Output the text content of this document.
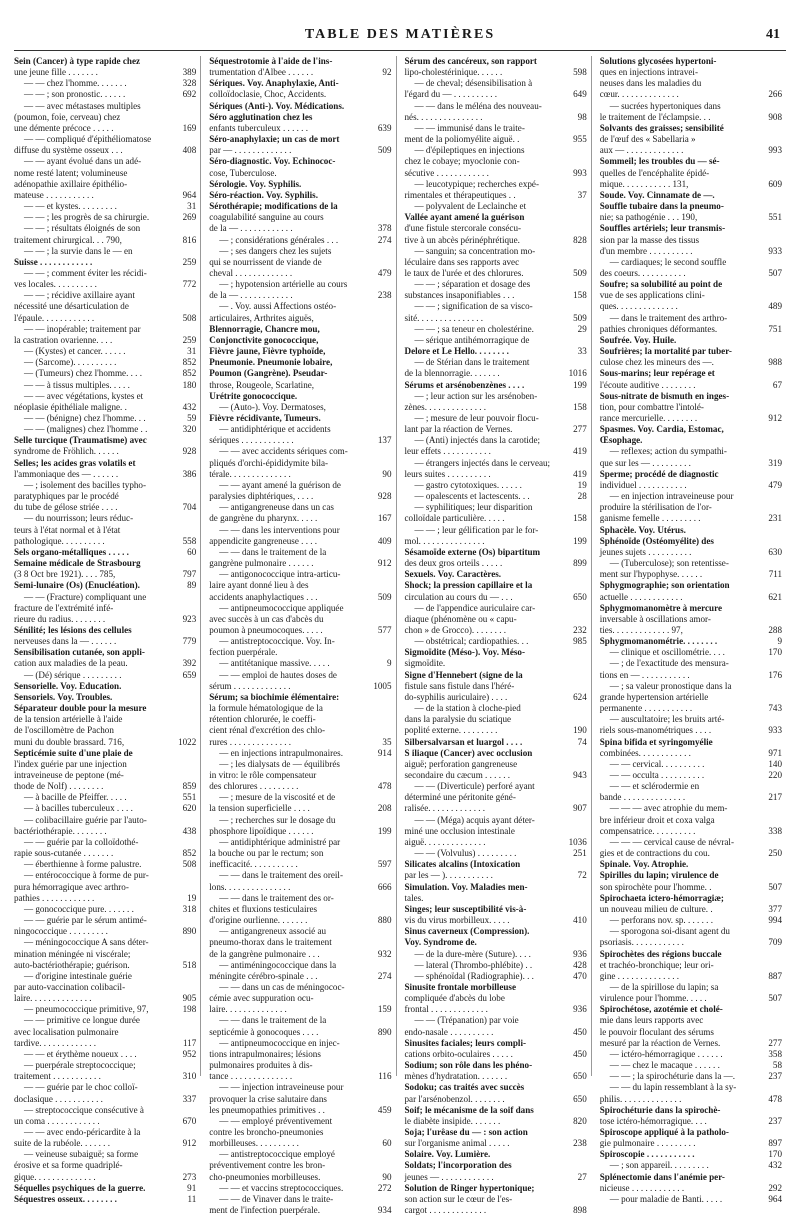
TABLE DES MATIÈRES	41
Sein (Cancer) à type rapide chez
une jeune fille . . . . . . .	389
— — chez l'homme. . . . . . .	328
— — ; son pronostic. . . . . .	692
— — avec métastases multiples
(poumon, foie, cerveau) chez
une démente précoce . . . . .	169
— — compliqué d'épithéliomatose
diffuse du système osseux . . .	408
— — ayant évolué dans un adé-
nome resté latent; volumineuse
adénopathie axillaire épithélio-
mateuse . . . . . . . . . . .	964
— — et kystes. . . . . . . . .	31
— — ; les progrès de sa chirurgie.	269
— — ; résultats éloignés de son
traitement chirurgical. . . 790,	816
— — ; la survie dans le — en
Suisse . . . . . . . . . . . .	259
— — ; comment éviter les récidi-
ves locales. . . . . . . . . .	772
— — ; récidive axillaire ayant
nécessité une désarticulation de
l'épaule. . . . . . . . . . . .	508
— — inopérable; traitement par
la castration ovarienne. . . .	259
— (Kystes) et cancer. . . . . .	31
— (Sarcome). . . . . . . . . .	852
— (Tumeurs) chez l'homme. . . .	852
— — à tissus multiples. . . . .	180
— — avec végétations, kystes et
néoplasie épithéliale maligne. .	432
— — (bénigne) chez l'homme. . .	59
— — (malignes) chez l'homme . .	320
Selle turcique (Traumatisme) avec
syndrome de Fröhlich. . . . . .	928
Selles; les acides gras volatils et
l'ammoniaque des — . . . . . .	386
— ; isolement des bacilles typho-
paratyphiques par le procédé
du tube de gélose striée . . . .	704
— du nourrisson; leurs réduc-
teurs à l'état normal et à l'état
pathologique. . . . . . . . . .	558
Sels organo-métalliques . . . . .	60
Semaine médicale de Strasbourg
(3 8 Oct bre 1921). . . . 785,	797
Semi-lunaire (Os) (Enucléation).	89
— — (Fracture) compliquant une
fracture de l'extrémité infé-
rieure du radius. . . . . . . .	923
Sénilité; les lésions des cellules
nerveuses dans la — . . . . . .	779
Sensibilisation cutanée, son appli-
cation aux maladies de la peau.	392
— (Dé) sérique . . . . . . . . .	659
Sensorielle. Voy. Education.
Sensoriels. Voy. Troubles.
Séparateur double pour la mesure
de la tension artérielle à l'aide
de l'oscillomètre de Pachon
muni du double brassard. 716,	1022
Septicémie suite d'une plaie de
l'index guérie par une injection
intraveineuse de peptone (mé-
thode de Nolf) . . . . . . . .	859
— à bacille de Pfeiffer. . . . .	551
— à bacilles tuberculeux . . . .	620
— colibacillaire guérie par l'auto-
bactériothérapie. . . . . . . .	438
— — guérie par la colloïdothé-
rapie sous-cutanée . . . . . . .	852
— éberthienne à forme palustre.	508
— entérococcique à forme de pur-
pura hémorragique avec arthro-
pathies . . . . . . . . . . . .	19
— gonococcique pure. . . . . . .	318
— — guérie par le sérum antimé-
ningococcique . . . . . . . . .	890
— méningococcique A sans déter-
mination méningée ni viscérale;
auto-bactériothérapie; guérison.	518
— d'origine intestinale guérie
par auto-vaccination colibacil-
laire. . . . . . . . . . . . . .	905
— pneumococcique primitive, 97,	198
— — primitive ce longue durée
avec localisation pulmonaire
tardive. . . . . . . . . . . . .	117
— — et érythème noueux . . . .	952
— puerpérale streptococcique;
traitement . . . . . . . . . . .	310
— — guérie par le choc colloï-
doclasique . . . . . . . . . . .	337
— streptococcique consécutive à
un coma . . . . . . . . . . . .	670
— — avec endo-péricardite à la
suite de la rubéole. . . . . . .	912
— veineuse subaiguë; sa forme
érosive et sa forme quadriplé-
gique. . . . . . . . . . . . . .	273
Séquelles psychiques de la guerre.	91
Séquestres osseux. . . . . . . .	11
Séquestrotomie à l'aide de l'ins-
trumentation d'Albee . . . . . .	92
Sériques. Voy. Anaphylaxie, Anti-
colloïdoclasie, Choc, Accidents.
Sériques (Anti-). Voy. Médications.
Séro agglutination chez les
enfants tuberculeux . . . . . .	639
Séro-anaphylaxie; un cas de mort
par — . . . . . . . . . . . . .	509
Séro-diagnostic. Voy. Echinococ-
cose, Tuberculose.
Sérologie. Voy. Syphilis.
Séro-réaction. Voy. Syphilis.
Sérothérapie; modifications de la
coagulabilité sanguine au cours
de la — . . . . . . . . . . . .	378
— ; considérations générales . . .	274
— ; ses dangers chez les sujets
qui se nourrissent de viande de
cheval . . . . . . . . . . . . .	479
— ; hypotension artérielle au cours
de la — . . . . . . . . . . . .	238
— . Voy. aussi Affections ostéo-
articulaires, Arthrites aiguës,
Blennorragie, Chancre mou,
Conjonctivite gonococcique,
Fièvre jaune, Fièvre typhoïde,
Pneumonie. Pneumonie lobaire,
Poumon (Gangrène). Pseudar-
throse, Rougeole, Scarlatine,
Urétrite gonococcique.
— (Auto-). Voy. Dermatoses,
Fièvre récidivante, Tumeurs.
— antidiphtérique et accidents
sériques . . . . . . . . . . . .	137
— — avec accidents sériques com-
pliqués d'orchi-épididymite bila-
térale. . . . . . . . . . . . . .	90
— — ayant amené la guérison de
paralysies diphtériques, . . . .	928
— antigangreneuse dans un cas
de gangrène du pharynx. . . . .	167
— — dans les interventions pour
appendicite gangreneuse . . . .	409
— — dans le traitement de la
gangrène pulmonaire . . . . . .	912
— antigonococcique intra-articu-
laire ayant donné lieu à des
accidents anaphylactiques . . .	509
— antipneumococcique appliquée
avec succès à un cas d'abcès du
poumon à pneumocoques. . . . .	577
— antistreptococcique. Voy. In-
fection puerpérale.
— antitétanique massive. . . . .	9
— — emploi de hautes doses de
sérum . . . . . . . . . . . . .	1005
Sérum; sa biochimie élémentaire:
la formule hématologique de la
rétention chlorurée, le coeffi-
cient rénal d'excrétion des chlo-
rures . . . . . . . . . . . . . .	35
— en injections intrapulmonaires.	914
— ; les dialysats de — équilibrés
in vitro: le rôle compensateur
des chlorures . . . . . . . . .	478
— ; mesure de la viscosité et de
la tension superficielle . . . .	208
— ; recherches sur le dosage du
phosphore lipoïdique . . . . . .	199
— antidiphtérique administré par
la bouche ou par le rectum; son
inefficacité. . . . . . . . . . .	597
— — dans le traitement des oreil-
lons. . . . . . . . . . . . . . .	666
— — dans le traitement des or-
chites et fluxions testiculaires
d'origine ourlienne. . . . . . .	880
— antigangreneux associé au
pneumo-thorax dans le traitement
de la gangrène pulmonaire . . .	932
— antiméningococcique dans la
méningite cérébro-spinale . . .	274
— — dans un cas de méningococ-
cémie avec suppuration ocu-
laire. . . . . . . . . . . . . .	159
— — dans le traitement de la
septicémie à gonocoques . . . .	890
— antipneumococcique en injec-
tions intrapulmonaires; lésions
pulmonaires produites à dis-
tance . . . . . . . . . . . . . .	116
— — injection intraveineuse pour
provoquer la crise salutaire dans
les pneumopathies primitives . .	459
— — employé préventivement
contre les broncho-pneumonies
morbilleuses. . . . . . . . . .	60
— antistreptococcique employé
préventivement contre les bron-
cho-pneumonies morbilleuses.	90
— — et vaccins streptococciques.	272
— — de Vinaver dans le traite-
ment de l'infection puerpérale.	934
Sérum des cancéreux, son rapport
lipo-cholestérinique. . . . . .	598
— de cheval; désensibilisation à
l'égard du — . . . . . . . . . .	649
— — dans le méléna des nouveau-
nés. . . . . . . . . . . . . . .	98
— — immunisé dans le traite-
ment de la poliomyélite aiguë. .	955
— d'épileptiques en injections
chez le cobaye; myoclonie con-
sécutive . . . . . . . . . . . .	993
— leucotypique; recherches expé-
rimentales et thérapeutiques . .	37
— polyvalent de Leclainche et
Vallée ayant amené la guérison
d'une fistule stercorale consécu-
tive à un abcès périnéphrétique.	828
— sanguin; sa concentration mo-
léculaire dans ses rapports avec
le taux de l'urée et des chlorures.	509
— — ; séparation et dosage des
substances insaponifiables . . .	158
— — ; signification de sa visco-
sité. . . . . . . . . . . . . . .	509
— — ; sa teneur en cholestérine.	29
— sérique antihémorragique de
Delore et Le Hello. . . . . . . .	33
— de Stérian dans le traitement
de la blennorragie. . . . . . .	1016
Sérums et arsénobenzènes . . . .	199
— ; leur action sur les arsénoben-
zènes. . . . . . . . . . . . . .	158
— ; mesure de leur pouvoir flocu-
lant par la réaction de Vernes.	277
— (Anti) injectés dans la carotide;
leur effets . . . . . . . . . . .	419
— étrangers injectés dans le cerveau;
leurs suites . . . . . . . . . .	419
— gastro cytotoxiques. . . . . .	19
— opalescents et lactescents. . .	28
— syphilitiques; leur disparition
colloïdale particulière. . . . .	158
— — ; leur gélification par le for-
mol. . . . . . . . . . . . . . .	199
Sésamoïde externe (Os) bipartitum
des deux gros orteils . . . . .	899
Sexuels. Voy. Caractères.
Shock; la pression capillaire et la
circulation au cours du — . . .	650
— de l'appendice auriculaire car-
diaque (phénomène ou « capu-
chon » de Grocco). . . . . . . .	232
— obstétrical; cardiopathies. . .	985
Sigmoïdite (Méso-). Voy. Méso-
sigmoïdite.
Signe d'Hennebert (signe de la
fistule sans fistule dans l'héré-
do-syphilis auriculaire) . . . .	624
— de la station à cloche-pied
dans la paralysie du sciatique
poplité externe. . . . . . . . .	190
Silbersalvarsan et luargol . . . .	74
S iliaque (Cancer) avec occlusion
aiguë; perforation gangreneuse
secondaire du cæcum . . . . . .	943
— — (Diverticule) perforé ayant
déterminé une péritonite géné-
ralisée. . . . . . . . . . . . .	907
— — (Méga) acquis ayant déter-
miné une occlusion intestinale
aiguë. . . . . . . . . . . . . .	1036
— — (Volvulus) . . . . . . . . .	251
Silicates alcalins (Intoxication
par les — ). . . . . . . . . . .	72
Simulation. Voy. Maladies men-
tales.
Singes; leur susceptibilité vis-à-
vis du virus morbilleux. . . . .	410
Sinus caverneux (Compression).
Voy. Syndrome de.
— de la dure-mère (Suture). . . .	936
— lateral (Thrombo-phlébite) . .	428
— sphénoïdal (Radiographie). . .	470
Sinusite frontale morbilleuse
compliquée d'abcès du lobe
frontal . . . . . . . . . . . . .	936
— — (Trépanation) par voie
endo-nasale . . . . . . . . . .	450
Sinusites faciales; leurs compli-
cations orbito-oculaires . . . . .	450
Sodium; son rôle dans les phéno-
mènes d'hydratation. . . . . . .	650
Sodoku; cas traités avec succès
par l'arsénobenzol. . . . . . . .	650
Soif; le mécanisme de la soif dans
le diabète insipide. . . . . . .	820
Soja; l'urêase du — : son action
sur l'organisme animal . . . . .	238
Solaire. Voy. Lumière.
Soldats; l'incorporation des
jeunes — . . . . . . . . . . . .	27
Solution de Ringer hypertonique;
son action sur le cœur de l'es-
cargot . . . . . . . . . . . . .	898
Solutions glycosées hypertoni-
ques en injections intravei-
neuses dans les maladies du
cœur. . . . . . . . . . . . . .	266
— sucrées hypertoniques dans
le traitement de l'éclampsie. . .	908
Solvants des graisses; sensibilité
de l'œuf des « Sabellaria »
aux — . . . . . . . . . . . . .	993
Sommeil; les troubles du — sé-
quelles de l'encéphalite épidé-
mique. . . . . . . . . . . 131,	609
Soude. Voy. Cinnamate de —.
Souffle tubaire dans la pneumo-
nie; sa pathogénie . . . 190,	551
Souffles artériels; leur transmis-
sion par la masse des tissus
d'un membre . . . . . . . . . .	933
— cardiaques; le second souffle
des coeurs. . . . . . . . . . .	507
Soufre; sa solubilité au point de
vue de ses applications clini-
ques. . . . . . . . . . . . . .	489
— dans le traitement des arthro-
pathies chroniques déformantes.	751
Soufrée. Voy. Huile.
Soufrières; la mortalité par tuber-
culose chez les mineurs des —.	988
Sous-marins; leur repérage et
l'écoute auditive . . . . . . . .	67
Sous-nitrate de bismuth en inges-
tion, pour combattre l'intolé-
rance mercurielle. . . . . . . .	912
Spasmes. Voy. Cardia, Estomac,
Œsophage.
— reflexes; action du sympathi-
que sur les — . . . . . . . . .	319
Sperme; procédé de diagnostic
individuel . . . . . . . . . . .	479
— en injection intraveineuse pour
produire la stérilisation de l'or-
ganisme femelle . . . . . . . . .	231
Sphacèle. Voy. Utérus.
Sphénoïde (Ostéomyélite) des
jeunes sujets . . . . . . . . . .	630
— (Tuberculose); son retentisse-
ment sur l'hypophyse. . . . . .	711
Sphygmographie; son orientation
actuelle . . . . . . . . . . . .	621
Sphygmomanomètre à mercure
inversable à oscillations amor-
ties. . . . . . . . . . . . . 97,	288
Sphygmomanométrie. . . . . . . .	9
— clinique et oscillométrie. . . .	170
— ; de l'exactitude des mensura-
tions en — . . . . . . . . . . .	176
— ; sa valeur pronostique dans la
grande hypertension artérielle
permanente . . . . . . . . . . .	743
— auscultatoire; les bruits arté-
riels sous-manométriques . . . .	933
Spina bifida et syringomyélie
combinées. . . . . . . . . . . .	971
— — cervical. . . . . . . . . .	140
— — occulta . . . . . . . . . .	220
— — et sclérodermie en
bande . . . . . . . . . . . . . .	217
— — — avec atrophie du mem-
bre inférieur droit et coxa valga
compensatrice. . . . . . . . . .	338
— — — cervical cause de névral-
gies et de contractions du cou.	250
Spinale. Voy. Atrophie.
Spirilles du lapin; virulence de
son spirochète pour l'homme. .	507
Spirochaeta ictero-hémorragiæ;
un nouveau milieu de culture. .	377
— perforans nov. sp. . . . . . .	994
— sporogona soi-disant agent du
psoriasis. . . . . . . . . . . .	709
Spirochètes des régions buccale
et trachéo-bronchique; leur ori-
gine . . . . . . . . . . . . . .	887
— de la spirillose du lapin; sa
virulence pour l'homme. . . . .	507
Spirochétose, azotémie et cholé-
mie dans leurs rapports avec
le pouvoir floculant des sérums
mesuré par la réaction de Vernes.	277
— ictéro-hémorragique . . . . . .	358
— — chez le macaque . . . . . .	58
— — ; la spirochéturie dans la —.	237
— — du lapin ressemblant à la sy-
philis. . . . . . . . . . . . . .	478
Spirochéturie dans la spirochè-
tose ictéro-hémorragique. . . .	237
Spiroscope appliqué à la patholo-
gie pulmonaire . . . . . . . . .	897
Spiroscopie . . . . . . . . . . .	170
— ; son appareil. . . . . . . . .	432
Splénectomie dans l'anémie per-
nicieuse . . . . . . . . . . . .	292
— pour maladie de Banti. . . . .	964
